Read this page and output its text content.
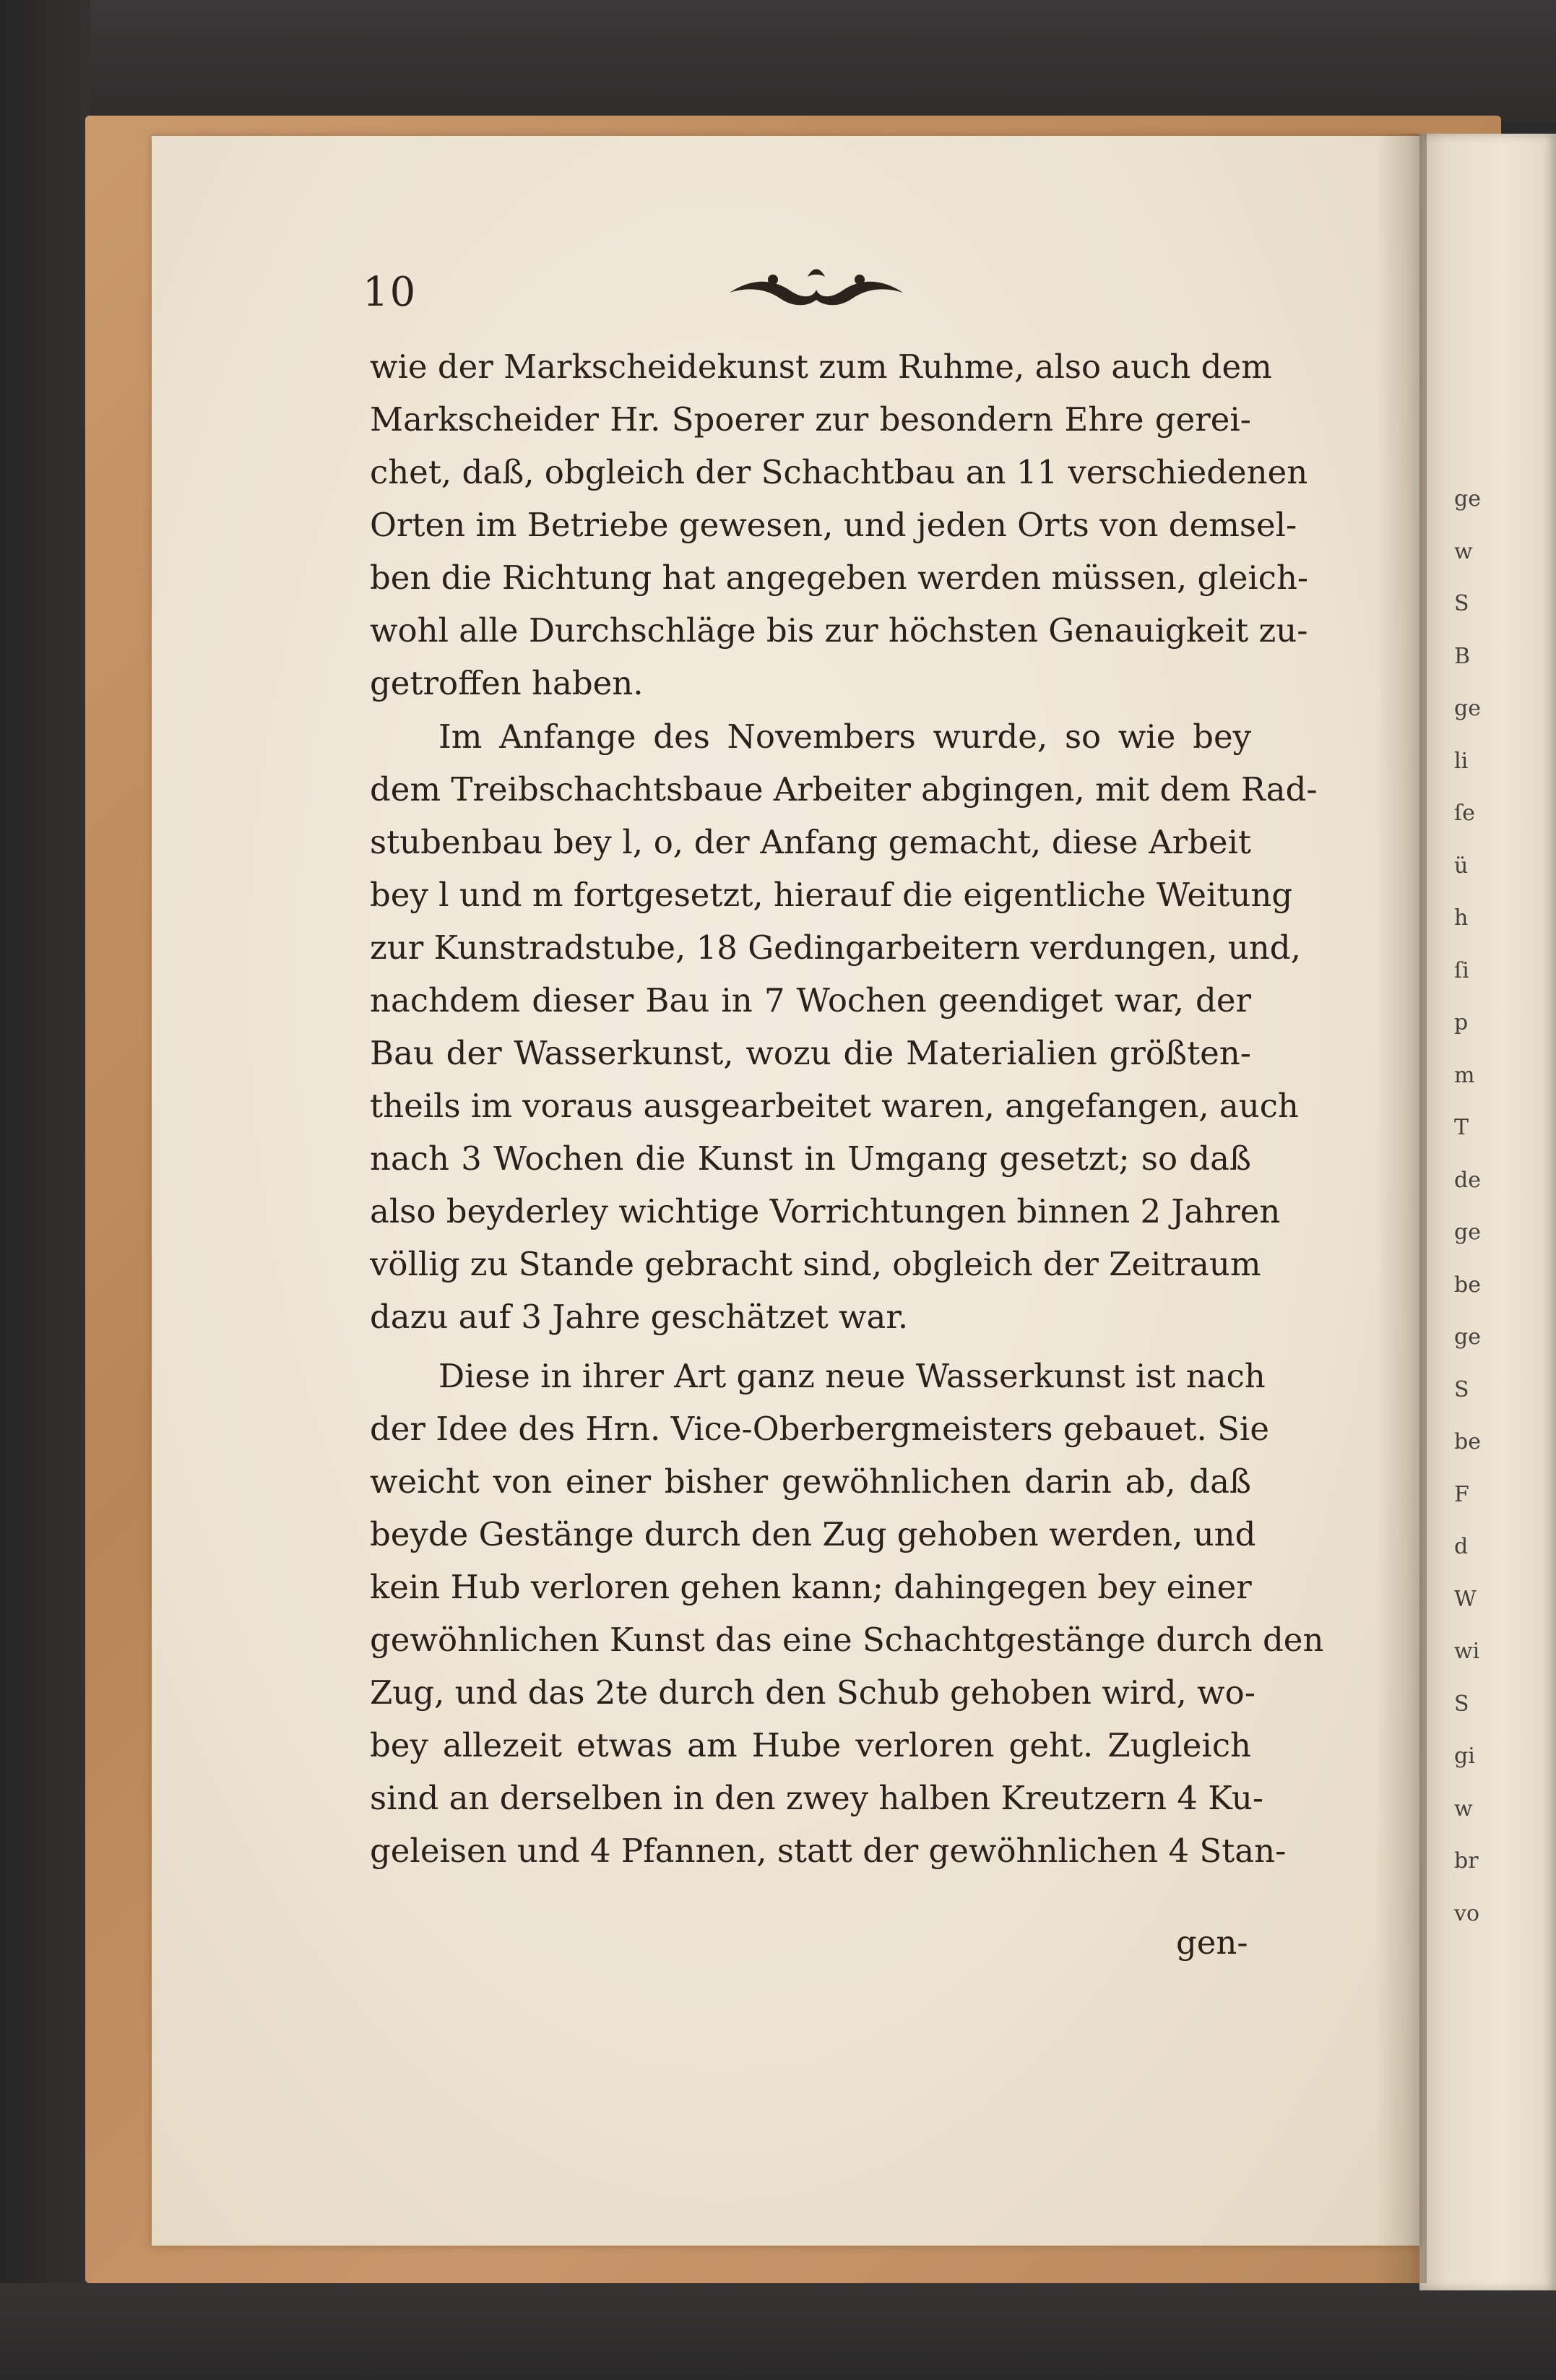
ge
w
S
B
ge
li
ſe
ü
h
ſi
p
m
T
de
ge
be
ge
S
be
F
d
W
wi
S
gi
w
br
vo
10
wie der Markscheidekunst zum Ruhme, also auch dem
Markscheider Hr. Spoerer zur besondern Ehre gerei-
chet, daß, obgleich der Schachtbau an 11 verschiedenen
Orten im Betriebe gewesen, und jeden Orts von demsel-
ben die Richtung hat angegeben werden müssen, gleich-
wohl alle Durchschläge bis zur höchsten Genauigkeit zu-
getroffen haben.
Im Anfange des Novembers wurde, so wie bey
dem Treibschachtsbaue Arbeiter abgingen, mit dem Rad-
stubenbau bey l, o, der Anfang gemacht, diese Arbeit
bey l und m fortgesetzt, hierauf die eigentliche Weitung
zur Kunstradstube, 18 Gedingarbeitern verdungen, und,
nachdem dieser Bau in 7 Wochen geendiget war, der
Bau der Wasserkunst, wozu die Materialien größten-
theils im voraus ausgearbeitet waren, angefangen, auch
nach 3 Wochen die Kunst in Umgang gesetzt; so daß
also beyderley wichtige Vorrichtungen binnen 2 Jahren
völlig zu Stande gebracht sind, obgleich der Zeitraum
dazu auf 3 Jahre geschätzet war.
Diese in ihrer Art ganz neue Wasserkunst ist nach
der Idee des Hrn. Vice-Oberbergmeisters gebauet. Sie
weicht von einer bisher gewöhnlichen darin ab, daß
beyde Gestänge durch den Zug gehoben werden, und
kein Hub verloren gehen kann; dahingegen bey einer
gewöhnlichen Kunst das eine Schachtgestänge durch den
Zug, und das 2te durch den Schub gehoben wird, wo-
bey allezeit etwas am Hube verloren geht. Zugleich
sind an derselben in den zwey halben Kreutzern 4 Ku-
geleisen und 4 Pfannen, statt der gewöhnlichen 4 Stan-
gen-
